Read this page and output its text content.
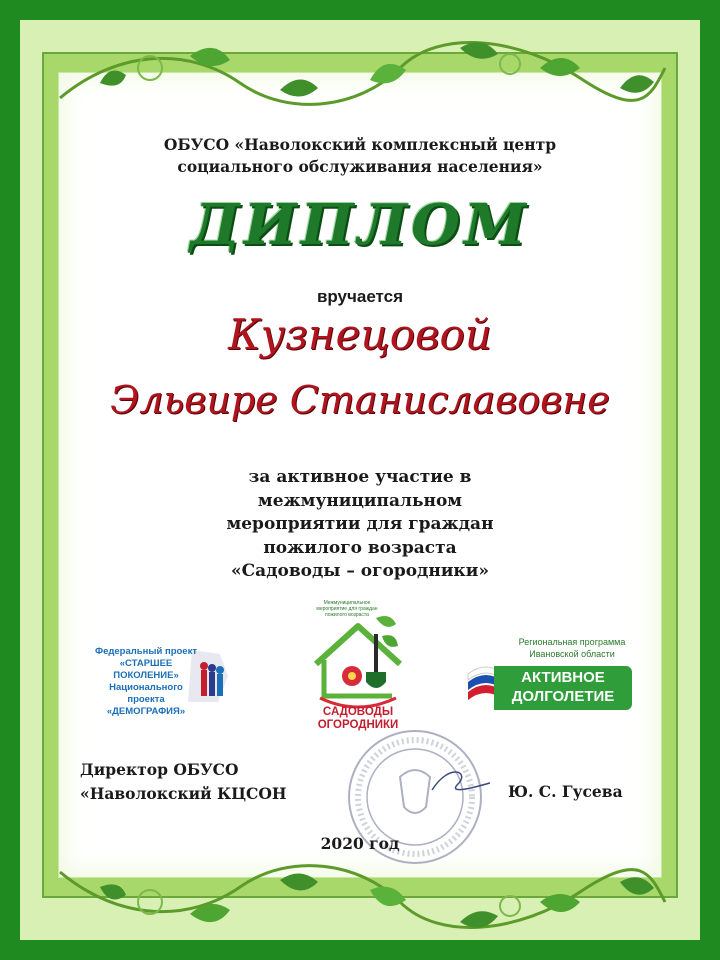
ОБУСО «Наволокский комплексный центр
социального обслуживания населения»
ДИПЛОМ
вручается
Кузнецовой
Эльвире Станиславовне
за активное участие в
межмуниципальном
мероприятии для граждан
пожилого возраста
«Садоводы – огородники»
Федеральный проект
«СТАРШЕЕ ПОКОЛЕНИЕ»
Национального проекта
«ДЕМОГРАФИЯ»
Межмуниципальное
мероприятие для граждан
пожилого возраста
САДОВОДЫ
ОГОРОДНИКИ
Региональная программа
Ивановской области
АКТИВНОЕ
ДОЛГОЛЕТИЕ
Директор ОБУСО
«Наволокский КЦСОН	Ю. С. Гусева
2020 год
